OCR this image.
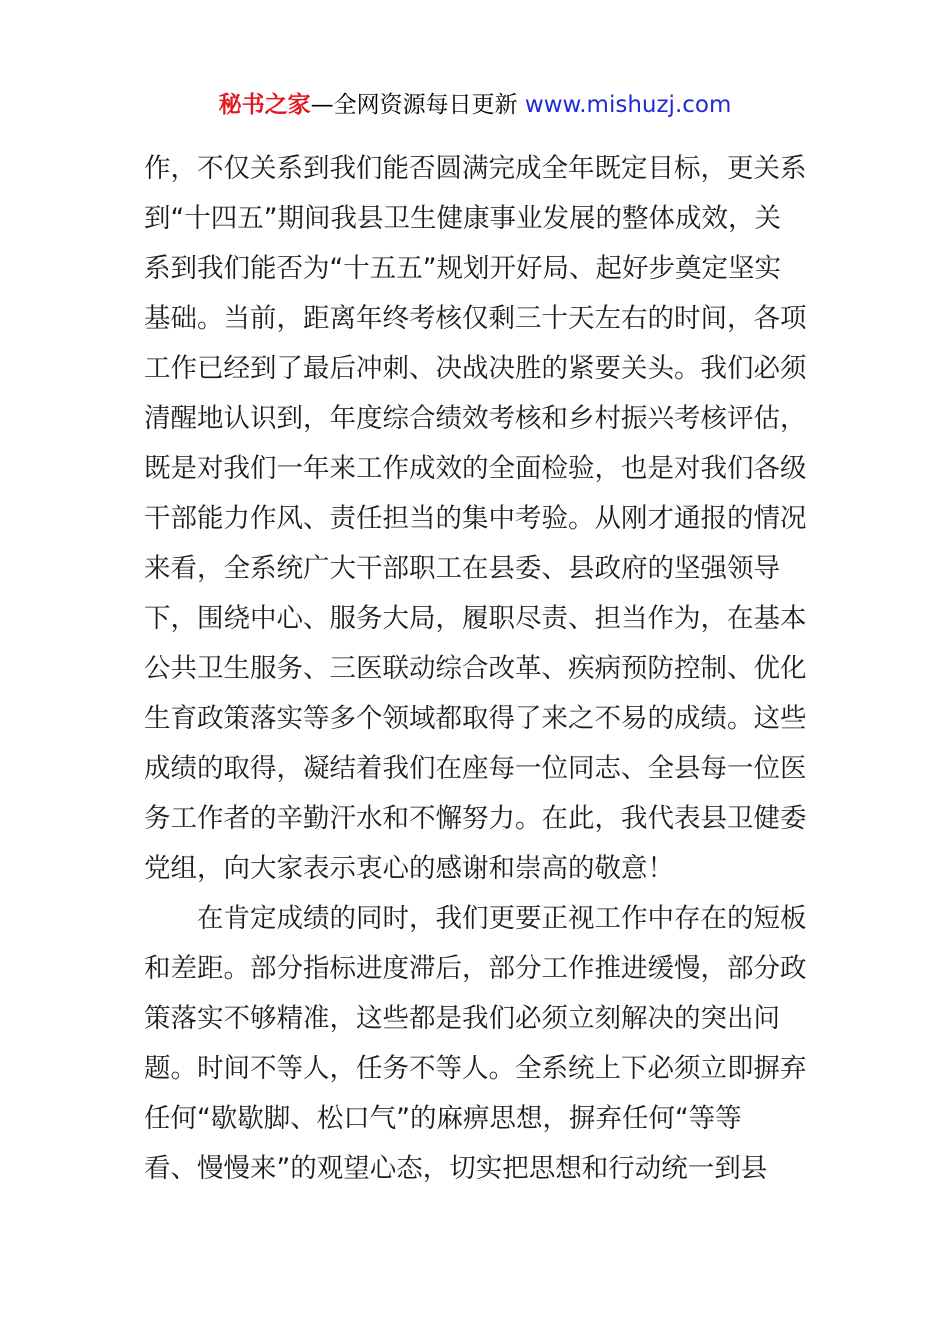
秘书之家—全网资源每日更新 www.mishuzj.com
作，不仅关系到我们能否圆满完成全年既定目标，更关系
到“十四五”期间我县卫生健康事业发展的整体成效，关
系到我们能否为“十五五”规划开好局、起好步奠定坚实
基础。当前，距离年终考核仅剩三十天左右的时间，各项
工作已经到了最后冲刺、决战决胜的紧要关头。我们必须
清醒地认识到，年度综合绩效考核和乡村振兴考核评估，
既是对我们一年来工作成效的全面检验，也是对我们各级
干部能力作风、责任担当的集中考验。从刚才通报的情况
来看，全系统广大干部职工在县委、县政府的坚强领导
下，围绕中心、服务大局，履职尽责、担当作为，在基本
公共卫生服务、三医联动综合改革、疾病预防控制、优化
生育政策落实等多个领域都取得了来之不易的成绩。这些
成绩的取得，凝结着我们在座每一位同志、全县每一位医
务工作者的辛勤汗水和不懈努力。在此，我代表县卫健委
党组，向大家表示衷心的感谢和崇高的敬意！
在肯定成绩的同时，我们更要正视工作中存在的短板
和差距。部分指标进度滞后，部分工作推进缓慢，部分政
策落实不够精准，这些都是我们必须立刻解决的突出问
题。时间不等人，任务不等人。全系统上下必须立即摒弃
任何“歇歇脚、松口气”的麻痹思想，摒弃任何“等等
看、慢慢来”的观望心态，切实把思想和行动统一到县
